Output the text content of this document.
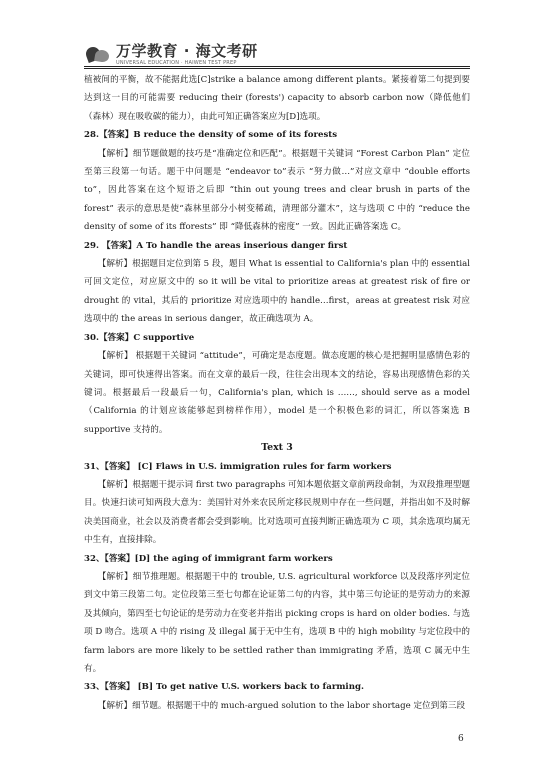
万学教育 · 海文考研
UNIVERSAL EDUCATION · HAIWEN TEST PREP

植被间的平衡，故不能据此选[C]strike a balance among different plants。紧接着第二句提到要达到这一目的可能需要 reducing their (forests') capacity to absorb carbon now（降低他们（森林）现在吸收碳的能力），由此可知正确答案应为[D]选项。

28.【答案】B reduce the density of some of its forests

【解析】细节题做题的技巧是“准确定位和匹配”。根据题干关键词 “Forest Carbon Plan” 定位至第三段第一句话。题干中问题是 “endeavor to”表示 “努力做…”对应文章中 “double efforts to”，因此答案在这个短语之后即 “thin out young trees and clear brush in parts of the forest” 表示的意思是使“森林里部分小树变稀疏，清理部分灌木”，这与选项 C 中的 “reduce the density of some of its fforests” 即 “降低森林的密度” 一致。因此正确答案选 C。

29. 【答案】A To handle the areas inserious danger first

【解析】根据题目定位到第 5 段，题目 What is essential to California's plan 中的 essential 可回文定位，对应原文中的 so it will be vital to prioritize areas at greatest risk of fire or drought 的 vital，其后的 prioritize 对应选项中的 handle…first，areas at greatest risk 对应选项中的 the areas in serious danger，故正确选项为 A。

30.【答案】C supportive

【解析】 根据题干关键词 “attitude”，可确定是态度题。做态度题的核心是把握明显感情色彩的关键词，即可快速得出答案。而在文章的最后一段，往往会出现本文的结论，容易出现感情色彩的关键词。根据最后一段最后一句，California's plan, which is ……, should serve as a model （California 的计划应该能够起到榜样作用），model 是一个积极色彩的词汇，所以答案选 B supportive 支持的。

Text 3

31、【答案】 [C] Flaws in U.S. immigration rules for farm workers

【解析】根据题干提示词 first two paragraphs 可知本题依据文章前两段命制，为双段推理型题目。快速扫读可知两段大意为：美国针对外来农民所定移民规则中存在一些问题，并指出如不及时解决美国商业，社会以及消费者都会受到影响。比对选项可直接判断正确选项为 C 项，其余选项均属无中生有，直接排除。

32、【答案】[D] the aging of immigrant farm workers

【解析】细节推理题。根据题干中的 trouble, U.S. agricultural workforce 以及段落序列定位到文中第三段第二句。定位段第三至七句都在论证第二句的内容，其中第三句论证的是劳动力的来源及其倾向，第四至七句论证的是劳动力在变老并指出 picking crops is hard on older bodies. 与选项 D 吻合。选项 A 中的 rising 及 illegal 属于无中生有，选项 B 中的 high mobility 与定位段中的 farm labors are more likely to be settled rather than immigrating 矛盾，选项 C 属无中生有。

33、【答案】 [B] To get native U.S. workers back to farming.

【解析】细节题。根据题干中的 much-argued solution to the labor shortage 定位到第三段

6
